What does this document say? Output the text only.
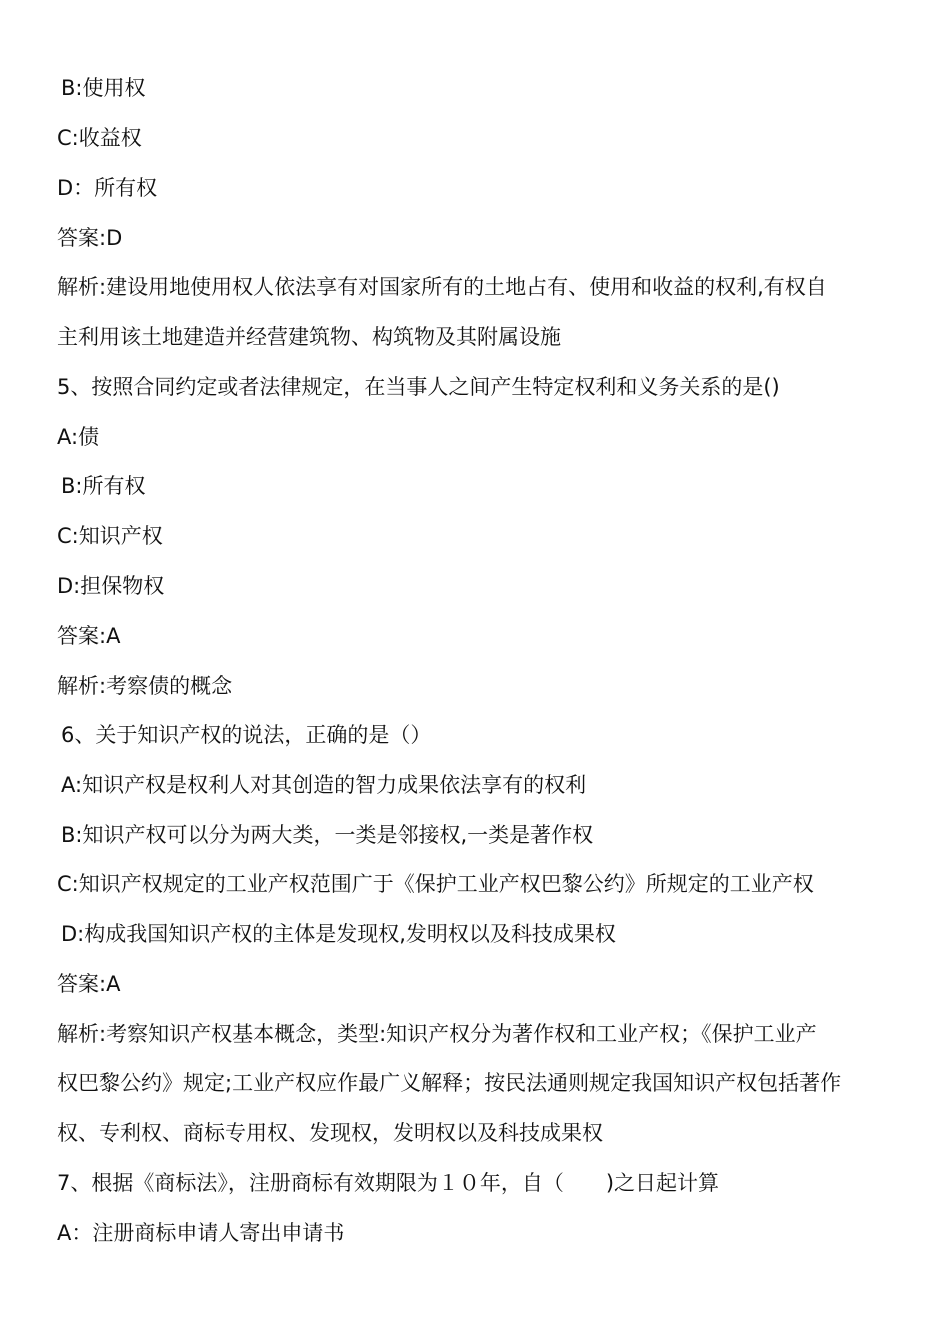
B:使用权
C:收益权
D：所有权
答案:D
解析:建设用地使用权人依法享有对国家所有的土地占有、使用和收益的权利,有权自
主利用该土地建造并经营建筑物、构筑物及其附属设施
5、按照合同约定或者法律规定，在当事人之间产生特定权利和义务关系的是()
A:债
B:所有权
C:知识产权
D:担保物权
答案:A
解析:考察债的概念
6、关于知识产权的说法，正确的是（）
A:知识产权是权利人对其创造的智力成果依法享有的权利
B:知识产权可以分为两大类，一类是邻接权,一类是著作权
C:知识产权规定的工业产权范围广于《保护工业产权巴黎公约》所规定的工业产权
D:构成我国知识产权的主体是发现权,发明权以及科技成果权
答案:A
解析:考察知识产权基本概念，类型:知识产权分为著作权和工业产权；《保护工业产
权巴黎公约》规定;工业产权应作最广义解释；按民法通则规定我国知识产权包括著作
权、专利权、商标专用权、发现权，发明权以及科技成果权
7、根据《商标法》，注册商标有效期限为１０年，自（　　)之日起计算
A：注册商标申请人寄出申请书
